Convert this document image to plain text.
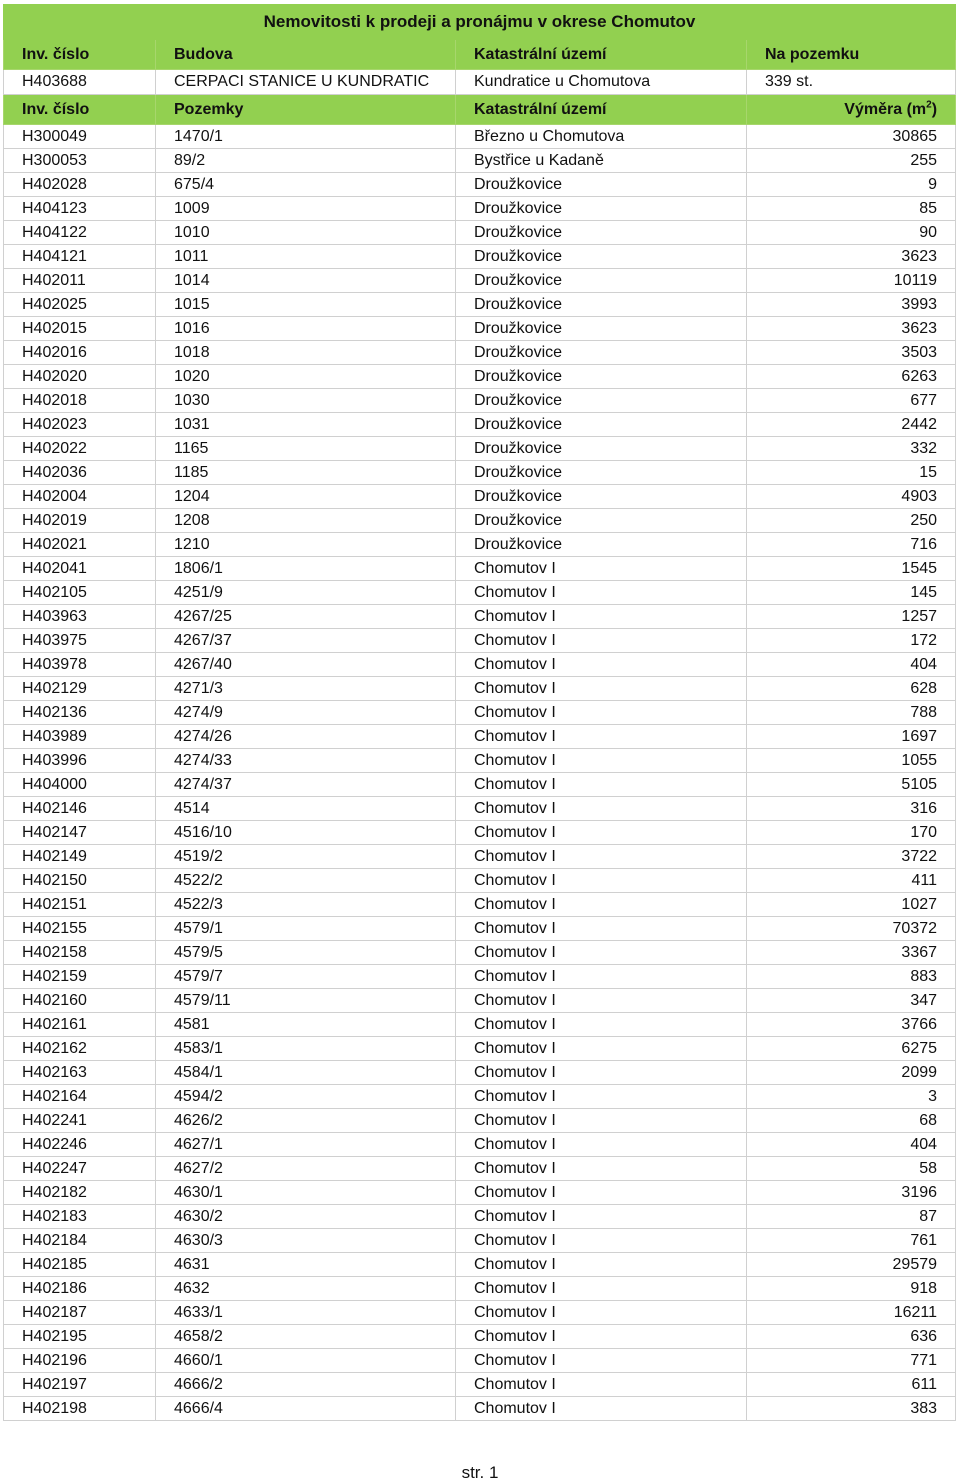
Nemovitosti k prodeji a pronájmu v okrese Chomutov			
Inv. číslo	Budova	Katastrální území	Na pozemku
H403688	CERPACI STANICE U KUNDRATIC	Kundratice u Chomutova	339 st.
Inv. číslo	Pozemky	Katastrální území	Výměra $(m^2)$
H300049	1470/1	Březno u Chomutova	30865
H300053	89/2	Bystřice u Kadaně	255
H402028	675/4	Droužkovice	9
H404123	1009	Droužkovice	85
H404122	1010	Droužkovice	90
H404121	1011	Droužkovice	3623
H402011	1014	Droužkovice	10119
H402025	1015	Droužkovice	3993
H402015	1016	Droužkovice	3623
H402016	1018	Droužkovice	3503
H402020	1020	Droužkovice	6263
H402018	1030	Droužkovice	677
H402023	1031	Droužkovice	2442
H402022	1165	Droužkovice	332
H402036	1185	Droužkovice	15
H402004	1204	Droužkovice	4903
H402019	1208	Droužkovice	250
H402021	1210	Droužkovice	716
H402041	1806/1	Chomutov I	1545
H402105	4251/9	Chomutov I	145
H403963	4267/25	Chomutov I	1257
H403975	4267/37	Chomutov I	172
H403978	4267/40	Chomutov I	404
H402129	4271/3	Chomutov I	628
H402136	4274/9	Chomutov I	788
H403989	4274/26	Chomutov I	1697
H403996	4274/33	Chomutov I	1055
H404000	4274/37	Chomutov I	5105
H402146	4514	Chomutov I	316
H402147	4516/10	Chomutov I	170
H402149	4519/2	Chomutov I	3722
H402150	4522/2	Chomutov I	411
H402151	4522/3	Chomutov I	1027
H402155	4579/1	Chomutov I	70372
H402158	4579/5	Chomutov I	3367
H402159	4579/7	Chomutov I	883
H402160	4579/11	Chomutov I	347
H402161	4581	Chomutov I	3766
H402162	4583/1	Chomutov I	6275
H402163	4584/1	Chomutov I	2099
H402164	4594/2	Chomutov I	3
H402241	4626/2	Chomutov I	68
H402246	4627/1	Chomutov I	404
H402247	4627/2	Chomutov I	58
H402182	4630/1	Chomutov I	3196
H402183	4630/2	Chomutov I	87
H402184	4630/3	Chomutov I	761
H402185	4631	Chomutov I	29579
H402186	4632	Chomutov I	918
H402187	4633/1	Chomutov I	16211
H402195	4658/2	Chomutov I	636
H402196	4660/1	Chomutov I	771
H402197	4666/2	Chomutov I	611
H402198	4666/4	Chomutov I	383
str. 1
